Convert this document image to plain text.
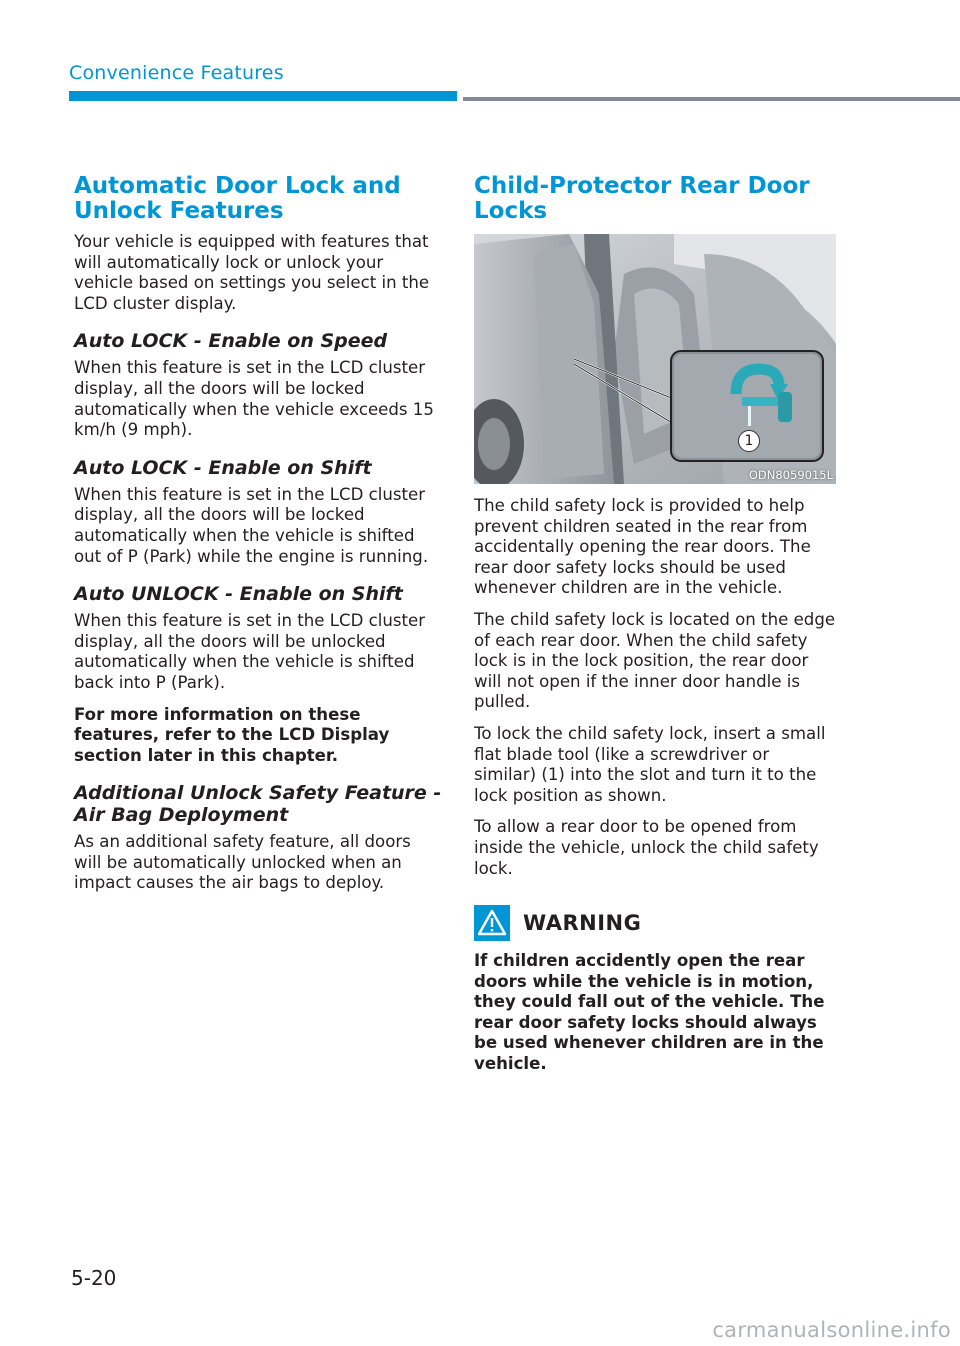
Convenience Features
Automatic Door Lock and Unlock Features

Your vehicle is equipped with features that will automatically lock or unlock your vehicle based on settings you select in the LCD cluster display.

Auto LOCK - Enable on Speed

When this feature is set in the LCD cluster display, all the doors will be locked automatically when the vehicle exceeds 15 km/h (9 mph).

Auto LOCK - Enable on Shift

When this feature is set in the LCD cluster display, all the doors will be locked automatically when the vehicle is shifted out of P (Park) while the engine is running.

Auto UNLOCK - Enable on Shift

When this feature is set in the LCD cluster display, all the doors will be unlocked automatically when the vehicle is shifted back into P (Park).

For more information on these features, refer to the LCD Display section later in this chapter.

Additional Unlock Safety Feature - Air Bag Deployment

As an additional safety feature, all doors will be automatically unlocked when an impact causes the air bags to deploy.

Child-Protector Rear Door Locks
1
ODN8059015L

The child safety lock is provided to help prevent children seated in the rear from accidentally opening the rear doors. The rear door safety locks should be used whenever children are in the vehicle.

The child safety lock is located on the edge of each rear door. When the child safety lock is in the lock position, the rear door will not open if the inner door handle is pulled.

To lock the child safety lock, insert a small flat blade tool (like a screwdriver or similar) (1) into the slot and turn it to the lock position as shown.

To allow a rear door to be opened from inside the vehicle, unlock the child safety lock.

WARNING

If children accidently open the rear doors while the vehicle is in motion, they could fall out of the vehicle. The rear door safety locks should always be used whenever children are in the vehicle.

5-20
carmanualsonline.info
